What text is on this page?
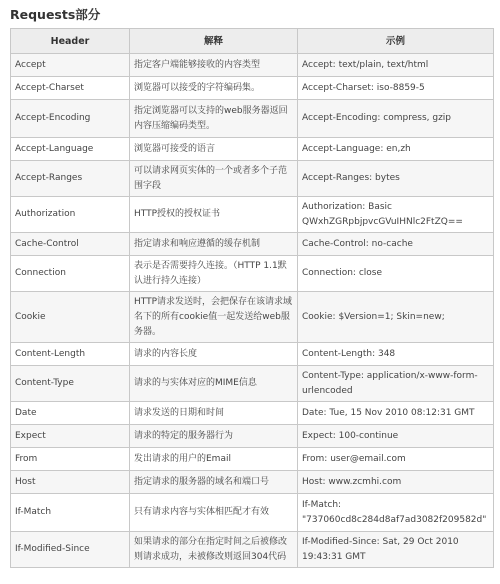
Requests部分
Header	解释	示例
Accept	指定客户端能够接收的内容类型	Accept: text/plain, text/html
Accept-Charset	浏览器可以接受的字符编码集。	Accept-Charset: iso-8859-5
Accept-Encoding	指定浏览器可以支持的web服务器返回内容压缩编码类型。	Accept-Encoding: compress, gzip
Accept-Language	浏览器可接受的语言	Accept-Language: en,zh
Accept-Ranges	可以请求网页实体的一个或者多个子范围字段	Accept-Ranges: bytes
Authorization	HTTP授权的授权证书	Authorization: Basic QWxhZGRpbjpvcGVuIHNlc2FtZQ==
Cache-Control	指定请求和响应遵循的缓存机制	Cache-Control: no-cache
Connection	表示是否需要持久连接。（HTTP 1.1默认进行持久连接）	Connection: close
Cookie	HTTP请求发送时，会把保存在该请求域名下的所有cookie值一起发送给web服务器。	Cookie: $Version=1; Skin=new;
Content-Length	请求的内容长度	Content-Length: 348
Content-Type	请求的与实体对应的MIME信息	Content-Type: application/x-www-form-urlencoded
Date	请求发送的日期和时间	Date: Tue, 15 Nov 2010 08:12:31 GMT
Expect	请求的特定的服务器行为	Expect: 100-continue
From	发出请求的用户的Email	From: user@email.com
Host	指定请求的服务器的域名和端口号	Host: www.zcmhi.com
If-Match	只有请求内容与实体相匹配才有效	If-Match: "737060cd8c284d8af7ad3082f209582d"
If-Modified-Since	如果请求的部分在指定时间之后被修改则请求成功，未被修改则返回304代码	If-Modified-Since: Sat, 29 Oct 2010 19:43:31 GMT
